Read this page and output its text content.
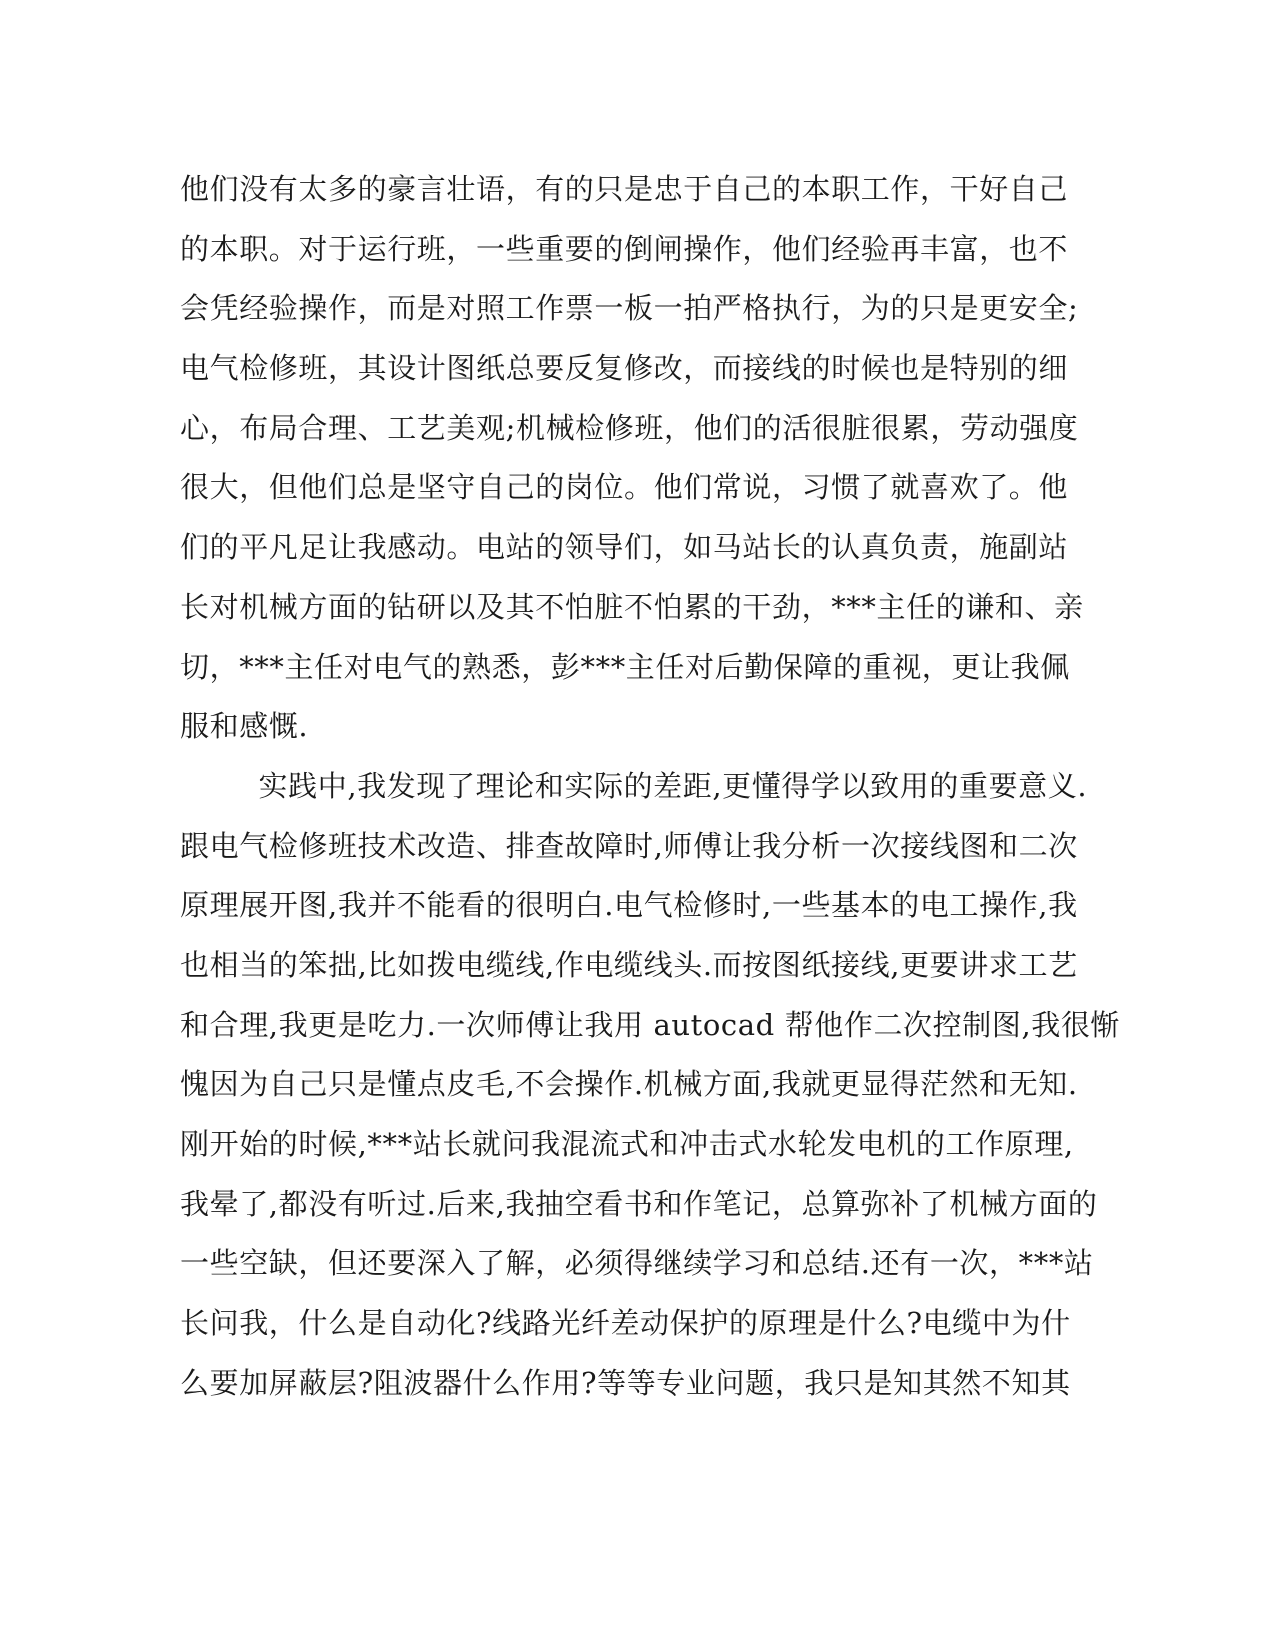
他们没有太多的豪言壮语，有的只是忠于自己的本职工作，干好自己
的本职。对于运行班，一些重要的倒闸操作，他们经验再丰富，也不
会凭经验操作，而是对照工作票一板一拍严格执行，为的只是更安全;
电气检修班，其设计图纸总要反复修改，而接线的时候也是特别的细
心，布局合理、工艺美观;机械检修班，他们的活很脏很累，劳动强度
很大，但他们总是坚守自己的岗位。他们常说，习惯了就喜欢了。他
们的平凡足让我感动。电站的领导们，如马站长的认真负责，施副站
长对机械方面的钻研以及其不怕脏不怕累的干劲，***主任的谦和、亲
切，***主任对电气的熟悉，彭***主任对后勤保障的重视，更让我佩
服和感慨.
实践中,我发现了理论和实际的差距,更懂得学以致用的重要意义.
跟电气检修班技术改造、排查故障时,师傅让我分析一次接线图和二次
原理展开图,我并不能看的很明白.电气检修时,一些基本的电工操作,我
也相当的笨拙,比如拨电缆线,作电缆线头.而按图纸接线,更要讲求工艺
和合理,我更是吃力.一次师傅让我用 autocad 帮他作二次控制图,我很惭
愧因为自己只是懂点皮毛,不会操作.机械方面,我就更显得茫然和无知.
刚开始的时候,***站长就问我混流式和冲击式水轮发电机的工作原理,
我晕了,都没有听过.后来,我抽空看书和作笔记，总算弥补了机械方面的
一些空缺，但还要深入了解，必须得继续学习和总结.还有一次，***站
长问我，什么是自动化?线路光纤差动保护的原理是什么?电缆中为什
么要加屏蔽层?阻波器什么作用?等等专业问题，我只是知其然不知其
